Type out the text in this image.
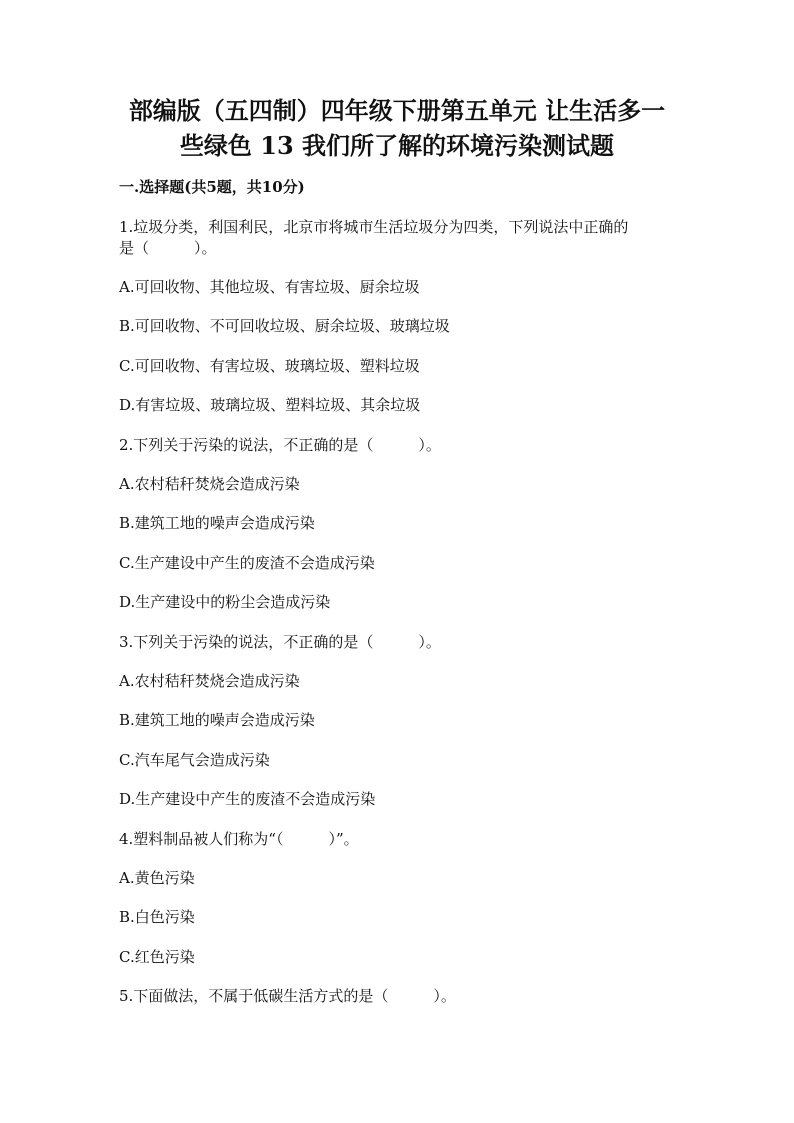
部编版（五四制）四年级下册第五单元 让生活多一
些绿色 13 我们所了解的环境污染测试题
一.选择题(共5题，共10分)
1.垃圾分类，利国利民，北京市将城市生活垃圾分为四类，下列说法中正确的
是（　　　）。
A.可回收物、其他垃圾、有害垃圾、厨余垃圾
B.可回收物、不可回收垃圾、厨余垃圾、玻璃垃圾
C.可回收物、有害垃圾、玻璃垃圾、塑料垃圾
D.有害垃圾、玻璃垃圾、塑料垃圾、其余垃圾
2.下列关于污染的说法，不正确的是（　　　）。
A.农村秸秆焚烧会造成污染
B.建筑工地的噪声会造成污染
C.生产建设中产生的废渣不会造成污染
D.生产建设中的粉尘会造成污染
3.下列关于污染的说法，不正确的是（　　　）。
A.农村秸秆焚烧会造成污染
B.建筑工地的噪声会造成污染
C.汽车尾气会造成污染
D.生产建设中产生的废渣不会造成污染
4.塑料制品被人们称为“（　　　）”。
A.黄色污染
B.白色污染
C.红色污染
5.下面做法，不属于低碳生活方式的是（　　　）。
